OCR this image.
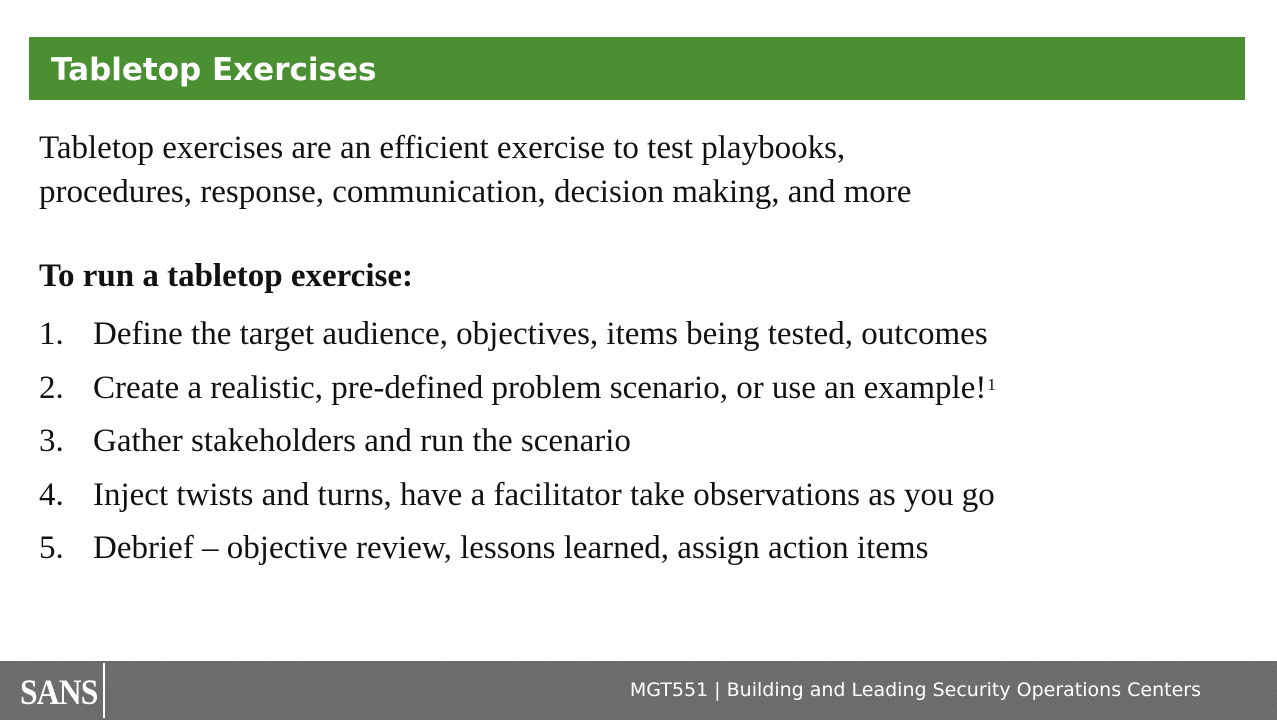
Tabletop Exercises

Tabletop exercises are an efficient exercise to test playbooks,
procedures, response, communication, decision making, and more

To run a tabletop exercise:

1. Define the target audience, objectives, items being tested, outcomes
2. Create a realistic, pre-defined problem scenario, or use an example!$^1$
3. Gather stakeholders and run the scenario
4. Inject twists and turns, have a facilitator take observations as you go
5. Debrief – objective review, lessons learned, assign action items
SANS	MGT551 | Building and Leading Security Operations Centers
